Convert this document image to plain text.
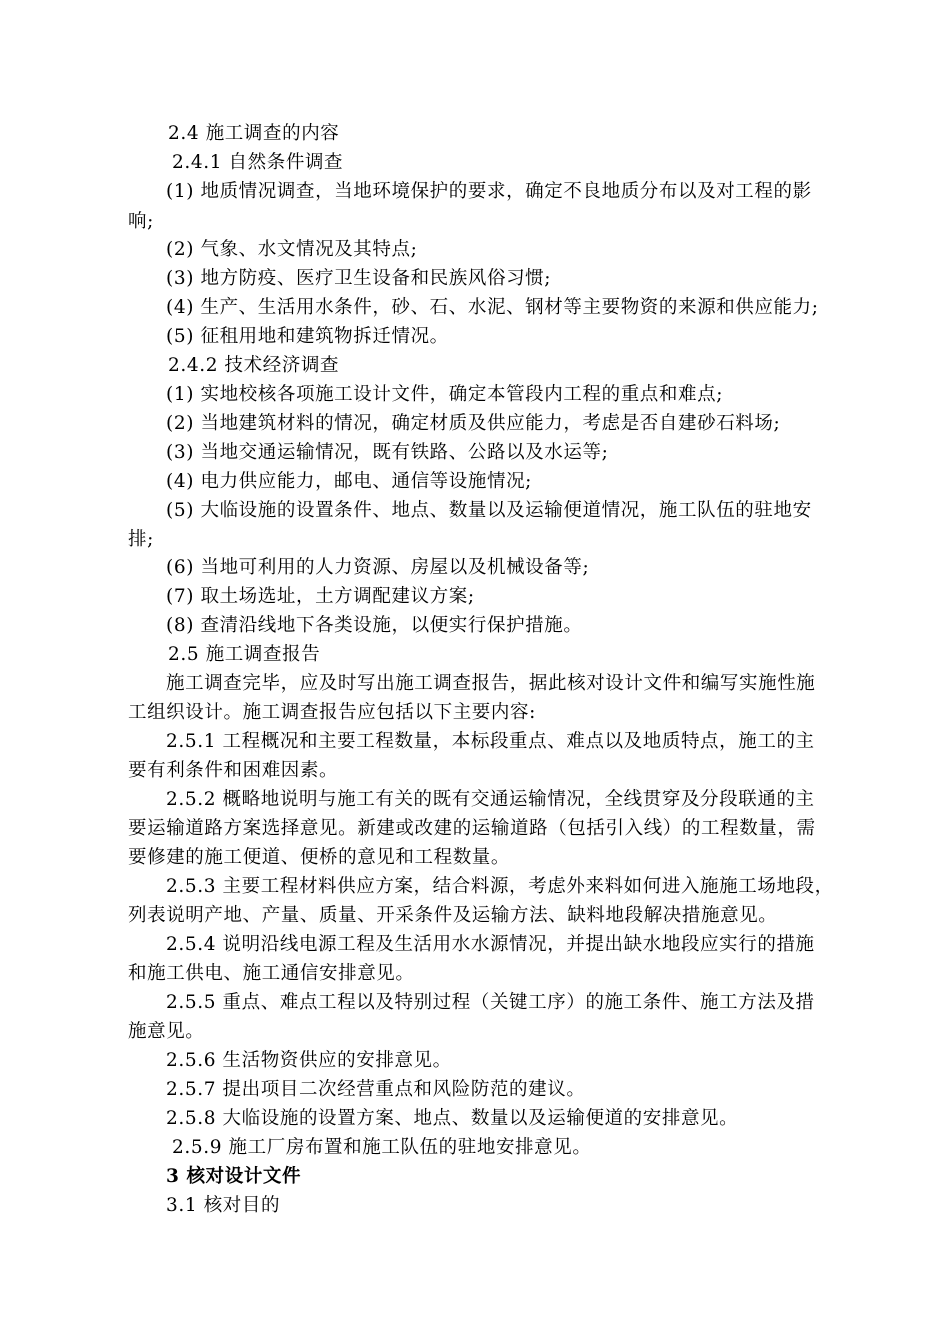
2.4 施工调查的内容
2.4.1 自然条件调查
(1) 地质情况调查，当地环境保护的要求，确定不良地质分布以及对工程的影
响;
(2) 气象、水文情况及其特点;
(3) 地方防疫、医疗卫生设备和民族风俗习惯;
(4) 生产、生活用水条件，砂、石、水泥、钢材等主要物资的来源和供应能力;
(5) 征租用地和建筑物拆迁情况。
2.4.2 技术经济调查
(1) 实地校核各项施工设计文件，确定本管段内工程的重点和难点;
(2) 当地建筑材料的情况，确定材质及供应能力，考虑是否自建砂石料场;
(3) 当地交通运输情况，既有铁路、公路以及水运等;
(4) 电力供应能力，邮电、通信等设施情况;
(5) 大临设施的设置条件、地点、数量以及运输便道情况，施工队伍的驻地安
排;
(6) 当地可利用的人力资源、房屋以及机械设备等;
(7) 取土场选址，土方调配建议方案;
(8) 查清沿线地下各类设施，以便实行保护措施。
2.5 施工调查报告
施工调查完毕，应及时写出施工调查报告，据此核对设计文件和编写实施性施
工组织设计。施工调查报告应包括以下主要内容:
2.5.1 工程概况和主要工程数量，本标段重点、难点以及地质特点，施工的主
要有利条件和困难因素。
2.5.2 概略地说明与施工有关的既有交通运输情况，全线贯穿及分段联通的主
要运输道路方案选择意见。新建或改建的运输道路（包括引入线）的工程数量，需
要修建的施工便道、便桥的意见和工程数量。
2.5.3 主要工程材料供应方案，结合料源，考虑外来料如何进入施施工场地段，
列表说明产地、产量、质量、开采条件及运输方法、缺料地段解决措施意见。
2.5.4 说明沿线电源工程及生活用水水源情况，并提出缺水地段应实行的措施
和施工供电、施工通信安排意见。
2.5.5 重点、难点工程以及特别过程（关键工序）的施工条件、施工方法及措
施意见。
2.5.6 生活物资供应的安排意见。
2.5.7 提出项目二次经营重点和风险防范的建议。
2.5.8 大临设施的设置方案、地点、数量以及运输便道的安排意见。
2.5.9 施工厂房布置和施工队伍的驻地安排意见。
3 核对设计文件
3.1 核对目的
